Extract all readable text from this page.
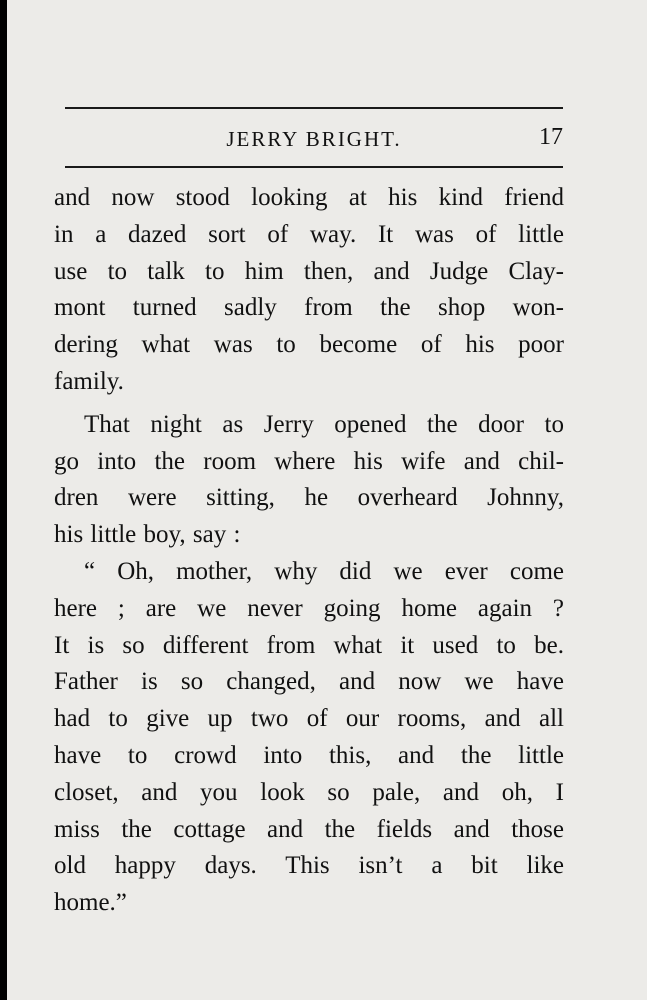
JERRY BRIGHT.	17
and now stood looking at his kind friend
in a dazed sort of way. It was of little
use to talk to him then, and Judge Clay-
mont turned sadly from the shop won-
dering what was to become of his poor
family.
That night as Jerry opened the door to
go into the room where his wife and chil-
dren were sitting, he overheard Johnny,
his little boy, say :
“ Oh, mother, why did we ever come
here ; are we never going home again ?
It is so different from what it used to be.
Father is so changed, and now we have
had to give up two of our rooms, and all
have to crowd into this, and the little
closet, and you look so pale, and oh, I
miss the cottage and the fields and those
old happy days. This isn’t a bit like
home.”
